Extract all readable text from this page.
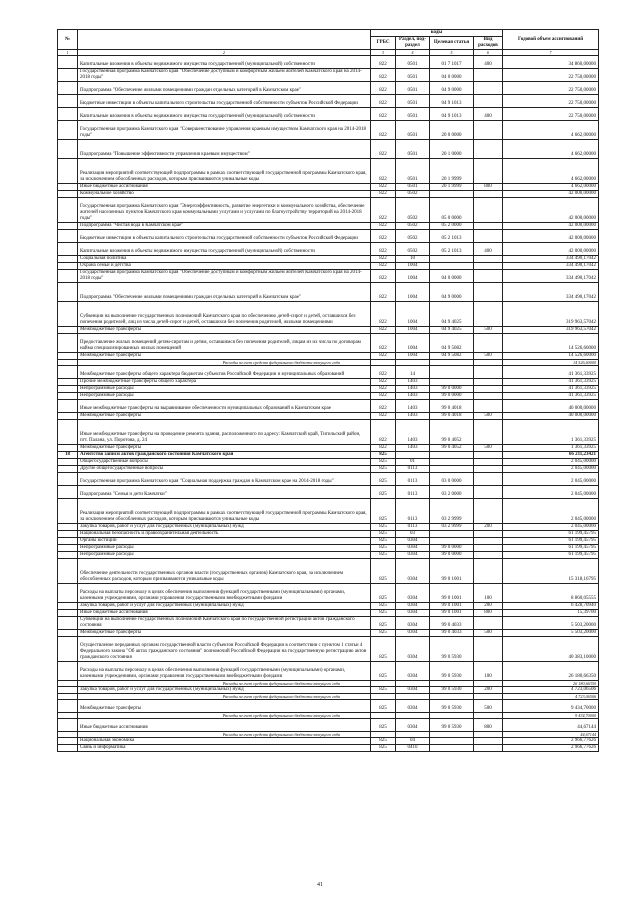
№		коды				Годовой объем ассигнований
		ГРБС	Раздел, под-раздел	Целевая статья	Вид расходов	
1	2	3	4	5	6	7
	Капитальные вложения в объекты недвижимого имущества государственной (муниципальной) собственности	822	0501	01 7 1017	400	34 860,00000
	Государственная программа Камчатского края "Обеспечение доступным и комфортным жильем жителей Камчатского края на 2014-2018 годы"	822	0501	04 0 0000		22 750,00000
	Подпрограмма "Обеспечение жилыми помещениями граждан отдельных категорий в Камчатском крае"	822	0501	04 9 0000		22 750,00000
	Бюджетные инвестиции в объекты капитального строительства государственной собственности субъектов Российской Федерации	822	0501	04 9 1013		22 750,00000
	Капитальные вложения в объекты недвижимого имущества государственной (муниципальной) собственности	822	0501	04 9 1013	400	22 750,00000
	Государственная программа Камчатского края "Совершенствование управления краевым имуществом Камчатского края на 2014-2018 годы"	822	0501	20 0 0000		4 662,00000
	Подпрограмма "Повышение эффективности управления краевым имуществом"	822	0501	20 1 0000		4 662,00000
	Реализация мероприятий соответствующей подпрограммы в рамках соответствующей государственной программы Камчатского края, за исключением обособленных расходов, которым присваиваются уникальные коды	822	0501	20 1 9999		4 662,00000
	Иные бюджетные ассигнования	822	0501	20 1 9999	800	4 662,00000
	Коммунальное хозяйство	822	0502			42 000,00000
	Государственная программа Камчатского края "Энергоэффективность, развитие энергетики и коммунального хозяйства, обеспечение жителей населенных пунктов Камчатского края коммунальными услугами и услугами по благоустройству территорий на 2014-2018 годы"	822	0502	05 0 0000		42 000,00000
	Подпрограмма "Чистая вода в Камчатском крае"	822	0502	05 2 0000		42 000,00000
	Бюджетные инвестиции в объекты капитального строительства государственной собственности субъектов Российской Федерации	822	0502	05 2 1013		42 000,00000
	Капитальные вложения в объекты недвижимого имущества государственной (муниципальной) собственности	822	0502	05 2 1013	400	42 000,00000
	Социальная политика	822	10			334 490,17042
	Охрана семьи и детства	822	1004			334 490,17042
	Государственная программа Камчатского края "Обеспечение доступным и комфортным жильем жителей Камчатского края на 2014-2018 годы"	822	1004	04 0 0000		334 490,17042
	Подпрограмма "Обеспечение жилыми помещениями граждан отдельных категорий в Камчатском крае"	822	1004	04 9 0000		334 490,17042
	Субвенции на выполнение государственных полномочий Камчатского края по обеспечению детей-сирот и детей, оставшихся без попечения родителей, лиц из числа детей-сирот и детей, оставшихся без попечения родителей, жилыми помещениями	822	1004	04 9 4025		319 963,57042
	Межбюджетные трансферты	822	1004	04 9 4025	500	319 963,57042
	Предоставление жилых помещений детям-сиротам и детям, оставшимся без попечения родителей, лицам из их числа по договорам найма специализированных жилых помещений	822	1004	04 9 5082		14 526,60000
	Межбюджетные трансферты	822	1004	04 9 5082	500	14 526,60000
	Расходы за счет средств федерального бюджета текущего года					14 526,60000
	Межбюджетные трансферты общего характера бюджетам субъектов Российской Федерации и муниципальных образований	822	14			41 361,33925
	Прочие межбюджетные трансферты общего характера	822	1403			41 361,33925
	Непрограммные расходы	822	1403	99 0 0000		41 361,33925
	Непрограммные расходы	822	1403	99 0 0000		41 361,33925
	Иные межбюджетные трансферты на выравнивание обеспеченности муниципальных образований в Камчатском крае	822	1403	99 0 4018		40 000,00000
	Межбюджетные трансферты	822	1403	99 0 4018	500	40 000,00000
	Иные межбюджетные трансферты на проведение ремонта здания, расположенного по адресу: Камчатский край, Тигильский район, пгт. Палана, ул. Поротова, д. 24	822	1403	99 0 4052		1 361,33925
	Межбюджетные трансферты	822	1403	99 0 4052	500	1 361,33925
18	Агентство записи актов гражданского состояния Камчатского края	825				66 211,23421
	Общегосударственные вопросы	825	01			2 045,00000
	Другие общегосударственные вопросы	825	0113			2 045,00000
	Государственная программа Камчатского края "Социальная поддержка граждан в Камчатском крае на 2014-2018 годы"	825	0113	03 0 0000		2 045,00000
	Подпрограмма "Семья и дети Камчатки"	825	0113	03 2 0000		2 045,00000
	Реализация мероприятий соответствующей подпрограммы в рамках соответствующей государственной программы Камчатского края, за исключением обособленных расходов, которым присваиваются уникальные коды	825	0113	03 2 9999		2 045,00000
	Закупка товаров, работ и услуг для государственных (муниципальных) нужд	825	0113	03 2 9999	200	2 045,00000
	Национальная безопасность и правоохранительная деятельность	825	03			61 199,45795
	Органы юстиции	825	0304			61 199,45795
	Непрограммные расходы	825	0304	99 0 0000		61 199,45795
	Непрограммные расходы	825	0304	99 0 0000		61 199,45795
	Обеспечение деятельности государственных органов власти (государственных органов) Камчатского края, за исключением обособленных расходов, которым присваиваются уникальные коды	825	0304	99 0 1001		15 318,16795
	Расходы на выплаты персоналу в целях обеспечения выполнения функций государственными (муниципальными) органами, казенными учреждениями, органами управления государственными внебюджетными фондами	825	0304	99 0 1001	100	8 860,05555
	Закупка товаров, работ и услуг для государственных (муниципальных) нужд	825	0304	99 0 1001	200	6 428,70940
	Иные бюджетные ассигнования	825	0304	99 0 1001	800	15,39700
	Субвенции на выполнение государственных полномочий Камчатского края по государственной регистрации актов гражданского состояния	825	0304	99 0 4033		5 503,20000
	Межбюджетные трансферты	825	0304	99 0 4033	500	5 503,20000
	Осуществление переданных органам государственной власти субъектов Российской Федерации в соответствии с пунктом 1 статьи 4 Федерального закона "Об актах гражданского состояния" полномочий Российской Федерации на государственную регистрацию актов гражданского состояния	825	0304	99 0 5930		40 383,10000
	Расходы на выплаты персоналу в целях обеспечения выполнения функций государственными (муниципальными) органами, казенными учреждениями, органами управления государственными внебюджетными фондами	825	0304	99 0 5930	100	26 180,66350
	Расходы за счет средств федерального бюджета текущего года					26 180,66350
	Закупка товаров, работ и услуг для государственных (муниципальных) нужд	825	0304	99 0 5930	200	4 723,06506
	Расходы за счет средств федерального бюджета текущего года					4 723,06506
	Межбюджетные трансферты	825	0304	99 0 5930	500	9 434,70000
	Расходы за счет средств федерального бюджета текущего года					9 434,70000
	Иные бюджетные ассигнования	825	0304	99 0 5930	800	44,67144
	Расходы за счет средств федерального бюджета текущего года					44,67144
	Национальная экономика	825	04			2 966,77626
	Связь и информатика	825	0410			2 966,77626
41
